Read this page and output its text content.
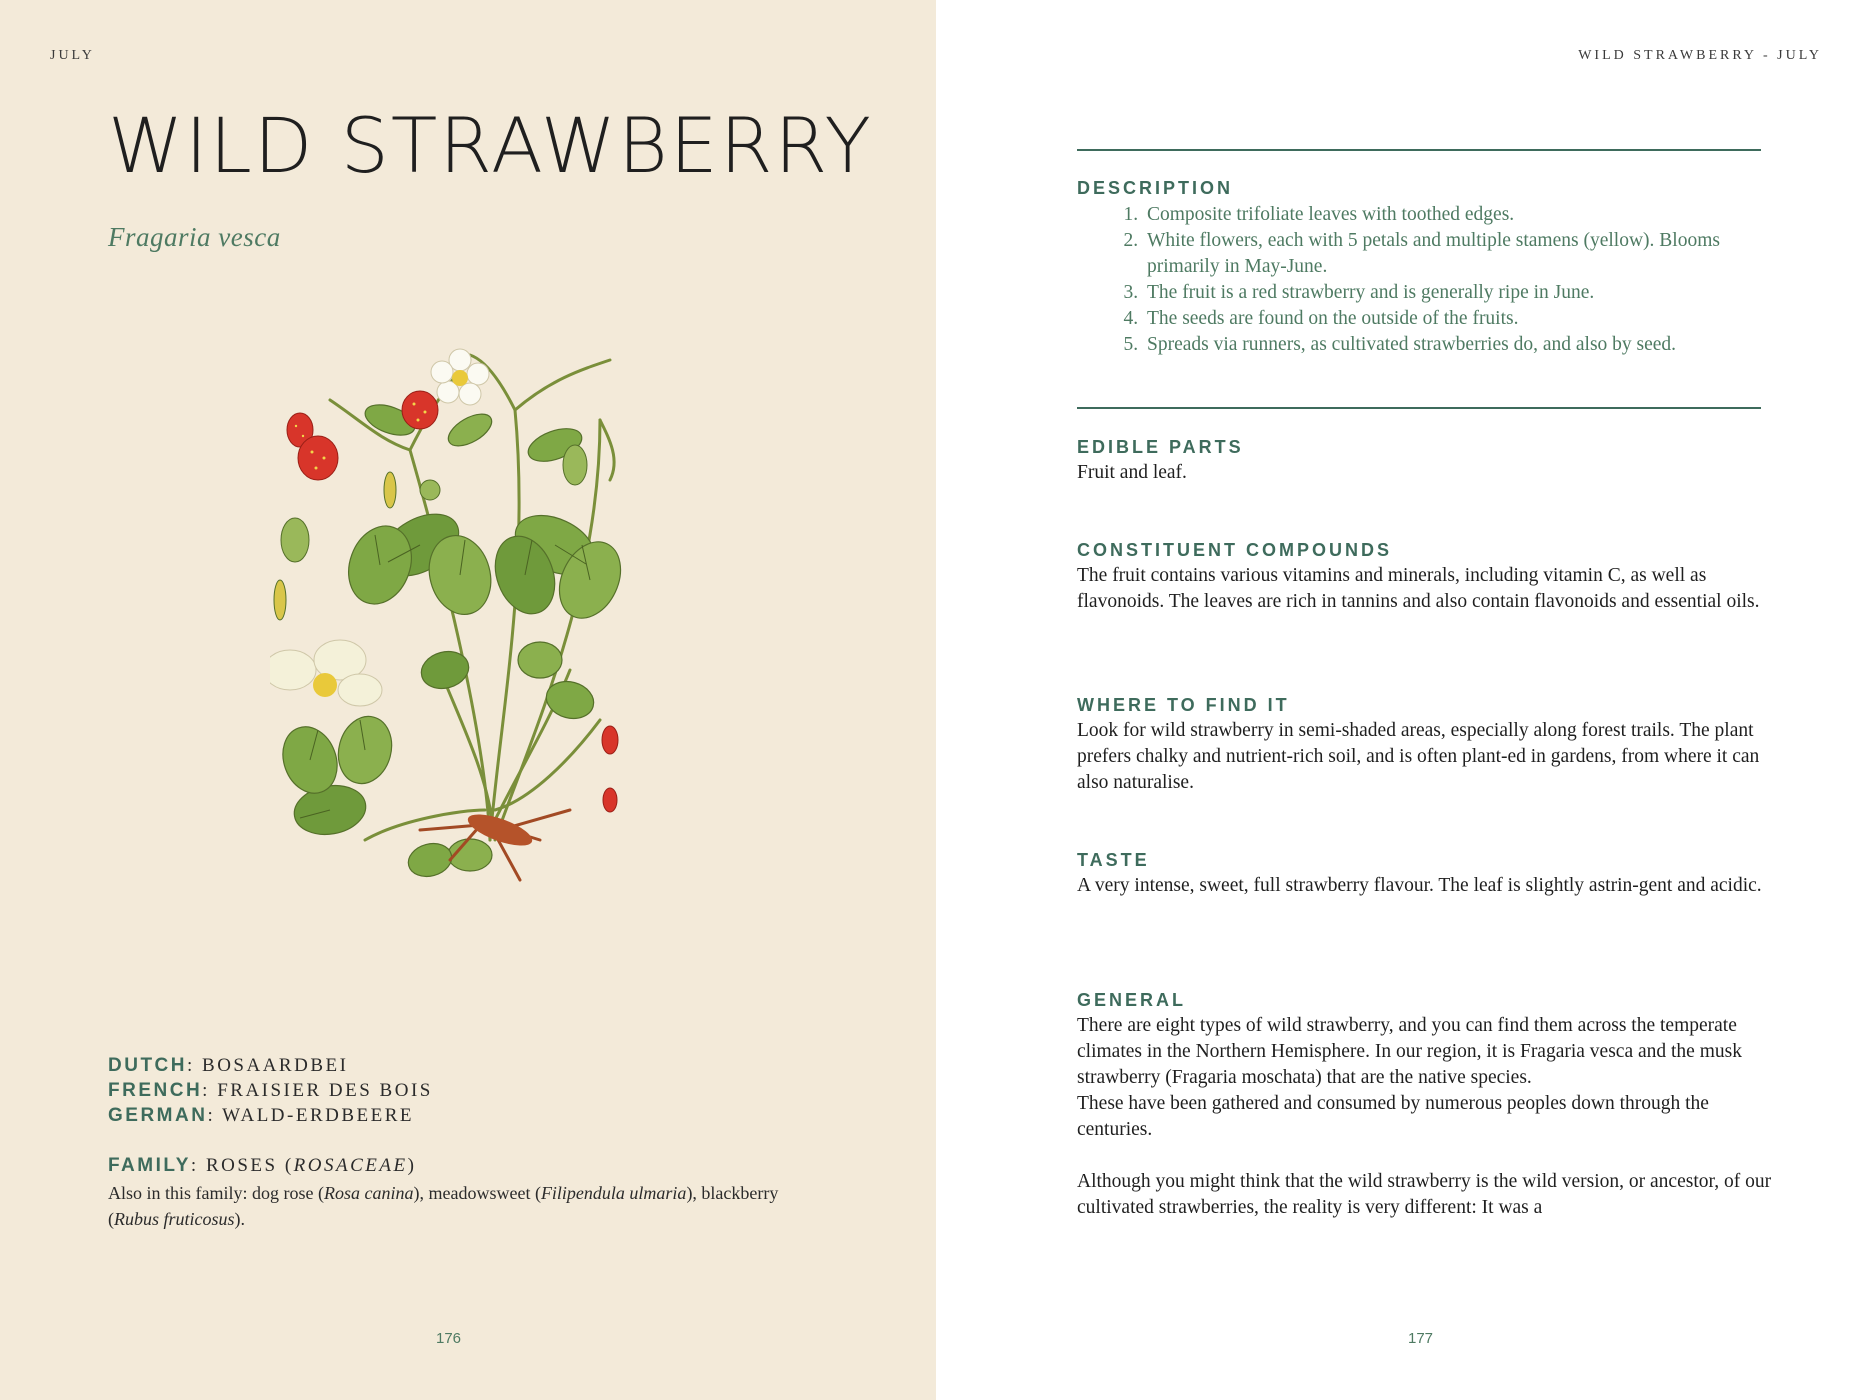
JULY
WILD STRAWBERRY
Fragaria vesca
DUTCH: BOSAARDBEI
FRENCH: FRAISIER DES BOIS
GERMAN: WALD-ERDBEERE
FAMILY: ROSES (ROSACEAE)
Also in this family: dog rose (Rosa canina), meadowsweet (Filipendula ulmaria), blackberry (Rubus fruticosus).
176
WILD STRAWBERRY - JULY
DESCRIPTION
1. Composite trifoliate leaves with toothed edges.
2. White flowers, each with 5 petals and multiple stamens (yellow). Blooms primarily in May-June.
3. The fruit is a red strawberry and is generally ripe in June.
4. The seeds are found on the outside of the fruits.
5. Spreads via runners, as cultivated strawberries do, and also by seed.
EDIBLE PARTS

Fruit and leaf.

CONSTITUENT COMPOUNDS

The fruit contains various vitamins and minerals, including vitamin C, as well as flavonoids. The leaves are rich in tannins and also contain flavonoids and essential oils.

WHERE TO FIND IT

Look for wild strawberry in semi-shaded areas, especially along forest trails. The plant prefers chalky and nutrient-rich soil, and is often plant-ed in gardens, from where it can also naturalise.

TASTE

A very intense, sweet, full strawberry flavour. The leaf is slightly astrin-gent and acidic.

GENERAL

There are eight types of wild strawberry, and you can find them across the temperate climates in the Northern Hemisphere. In our region, it is Fragaria vesca and the musk strawberry (Fragaria moschata) that are the native species.

These have been gathered and consumed by numerous peoples down through the centuries.

Although you might think that the wild strawberry is the wild version, or ancestor, of our cultivated strawberries, the reality is very different: It was a

177
